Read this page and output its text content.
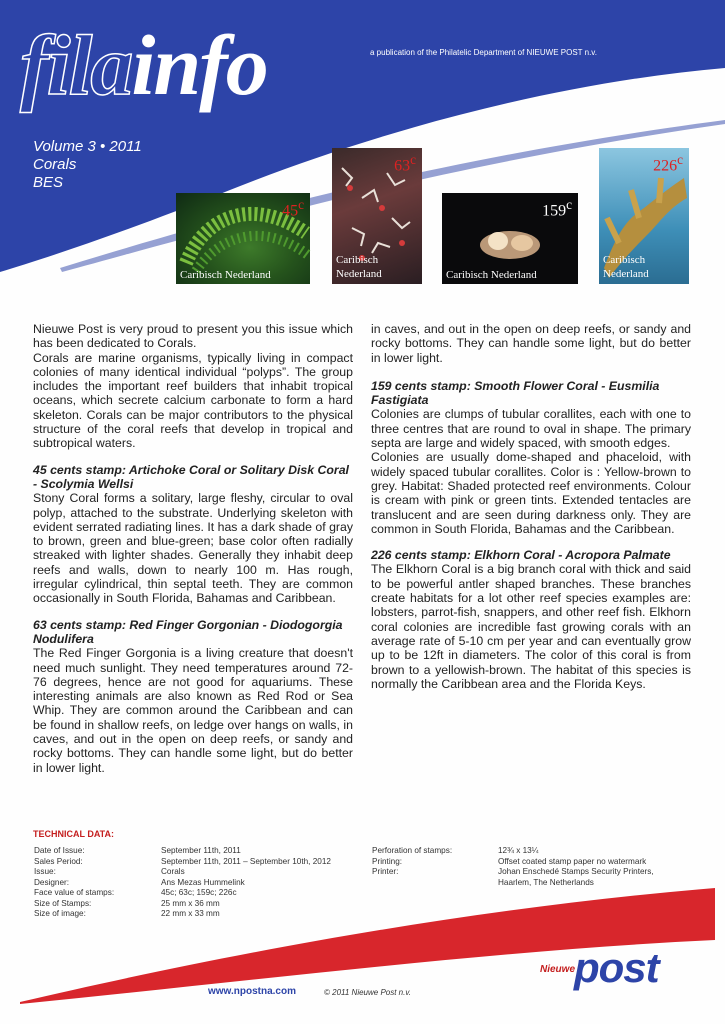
filainfo	a publication of the Philatelic Department of NIEUWE POST n.v.
Volume 3 • 2011
Corals
BES
45$^c$
Caribisch Nederland
63$^c$
Caribisch Nederland
159$^c$
Caribisch Nederland
226$^c$
Caribisch Nederland

Nieuwe Post is very proud to present you this issue which has been dedicated to Corals.

Corals are marine organisms, typically living in compact colonies of many identical individual “polyps”. The group includes the important reef builders that inhabit tropical oceans, which secrete calcium carbonate to form a hard skeleton. Corals can be major contributors to the physical structure of the coral reefs that develop in tropical and subtropical waters.

45 cents stamp: Artichoke Coral or Solitary Disk Coral - Scolymia Wellsi

Stony Coral forms a solitary, large fleshy, circular to oval polyp, attached to the substrate. Underlying skeleton with evident serrated radiating lines. It has a dark shade of gray to brown, green and blue-green; base color often radially streaked with lighter shades. Generally they inhabit deep reefs and walls, down to nearly 100 m. Has rough, irregular cylindrical, thin septal teeth. They are common occasionally in South Florida, Bahamas and Caribbean.

63 cents stamp: Red Finger Gorgonian - Diodogorgia Nodulifera

The Red Finger Gorgonia is a living creature that doesn't need much sunlight. They need temperatures around 72-76 degrees, hence are not good for aquariums. These interesting animals are also known as Red Rod or Sea Whip. They are common around the Caribbean and can be found in shallow reefs, on ledge over hangs on walls, in caves, and out in the open on deep reefs, or sandy and rocky bottoms. They can handle some light, but do better in lower light.

in caves, and out in the open on deep reefs, or sandy and rocky bottoms. They can handle some light, but do better in lower light.

159 cents stamp: Smooth Flower Coral - Eusmilia Fastigiata

Colonies are clumps of tubular corallites, each with one to three centres that are round to oval in shape. The primary septa are large and widely spaced, with smooth edges.

Colonies are usually dome-shaped and phaceloid, with widely spaced tubular corallites. Color is : Yellow-brown to grey. Habitat: Shaded protected reef environments. Colour is cream with pink or green tints. Extended tentacles are translucent and are seen during darkness only. They are common in South Florida, Bahamas and the Caribbean.

226 cents stamp: Elkhorn Coral - Acropora Palmate

The Elkhorn Coral is a big branch coral with thick and said to be powerful antler shaped branches. These branches create habitats for a lot other reef species examples are: lobsters, parrot-fish, snappers, and other reef fish. Elkhorn coral colonies are incredible fast growing corals with an average rate of 5-10 cm per year and can eventually grow up to be 12ft in diameters. The color of this coral is from brown to a yellowish-brown. The habitat of this species is normally the Caribbean area and the Florida Keys.

TECHNICAL DATA:
Date of Issue:
Sales Period:
Issue:
Designer:
Face value of stamps:
Size of Stamps:
Size of image:
September 11th, 2011
September 11th, 2011 – September 10th, 2012
Corals
Ans Mezas Hummelink
45c; 63c; 159c; 226c
25 mm x 36 mm
22 mm x 33 mm
Perforation of stamps:
Printing:
Printer:
12¾ x 13¼
Offset coated stamp paper no watermark
Johan Enschedé Stamps Security Printers,
Haarlem, The Netherlands
Nieuwe
post
www.npostna.com	© 2011 Nieuwe Post n.v.
